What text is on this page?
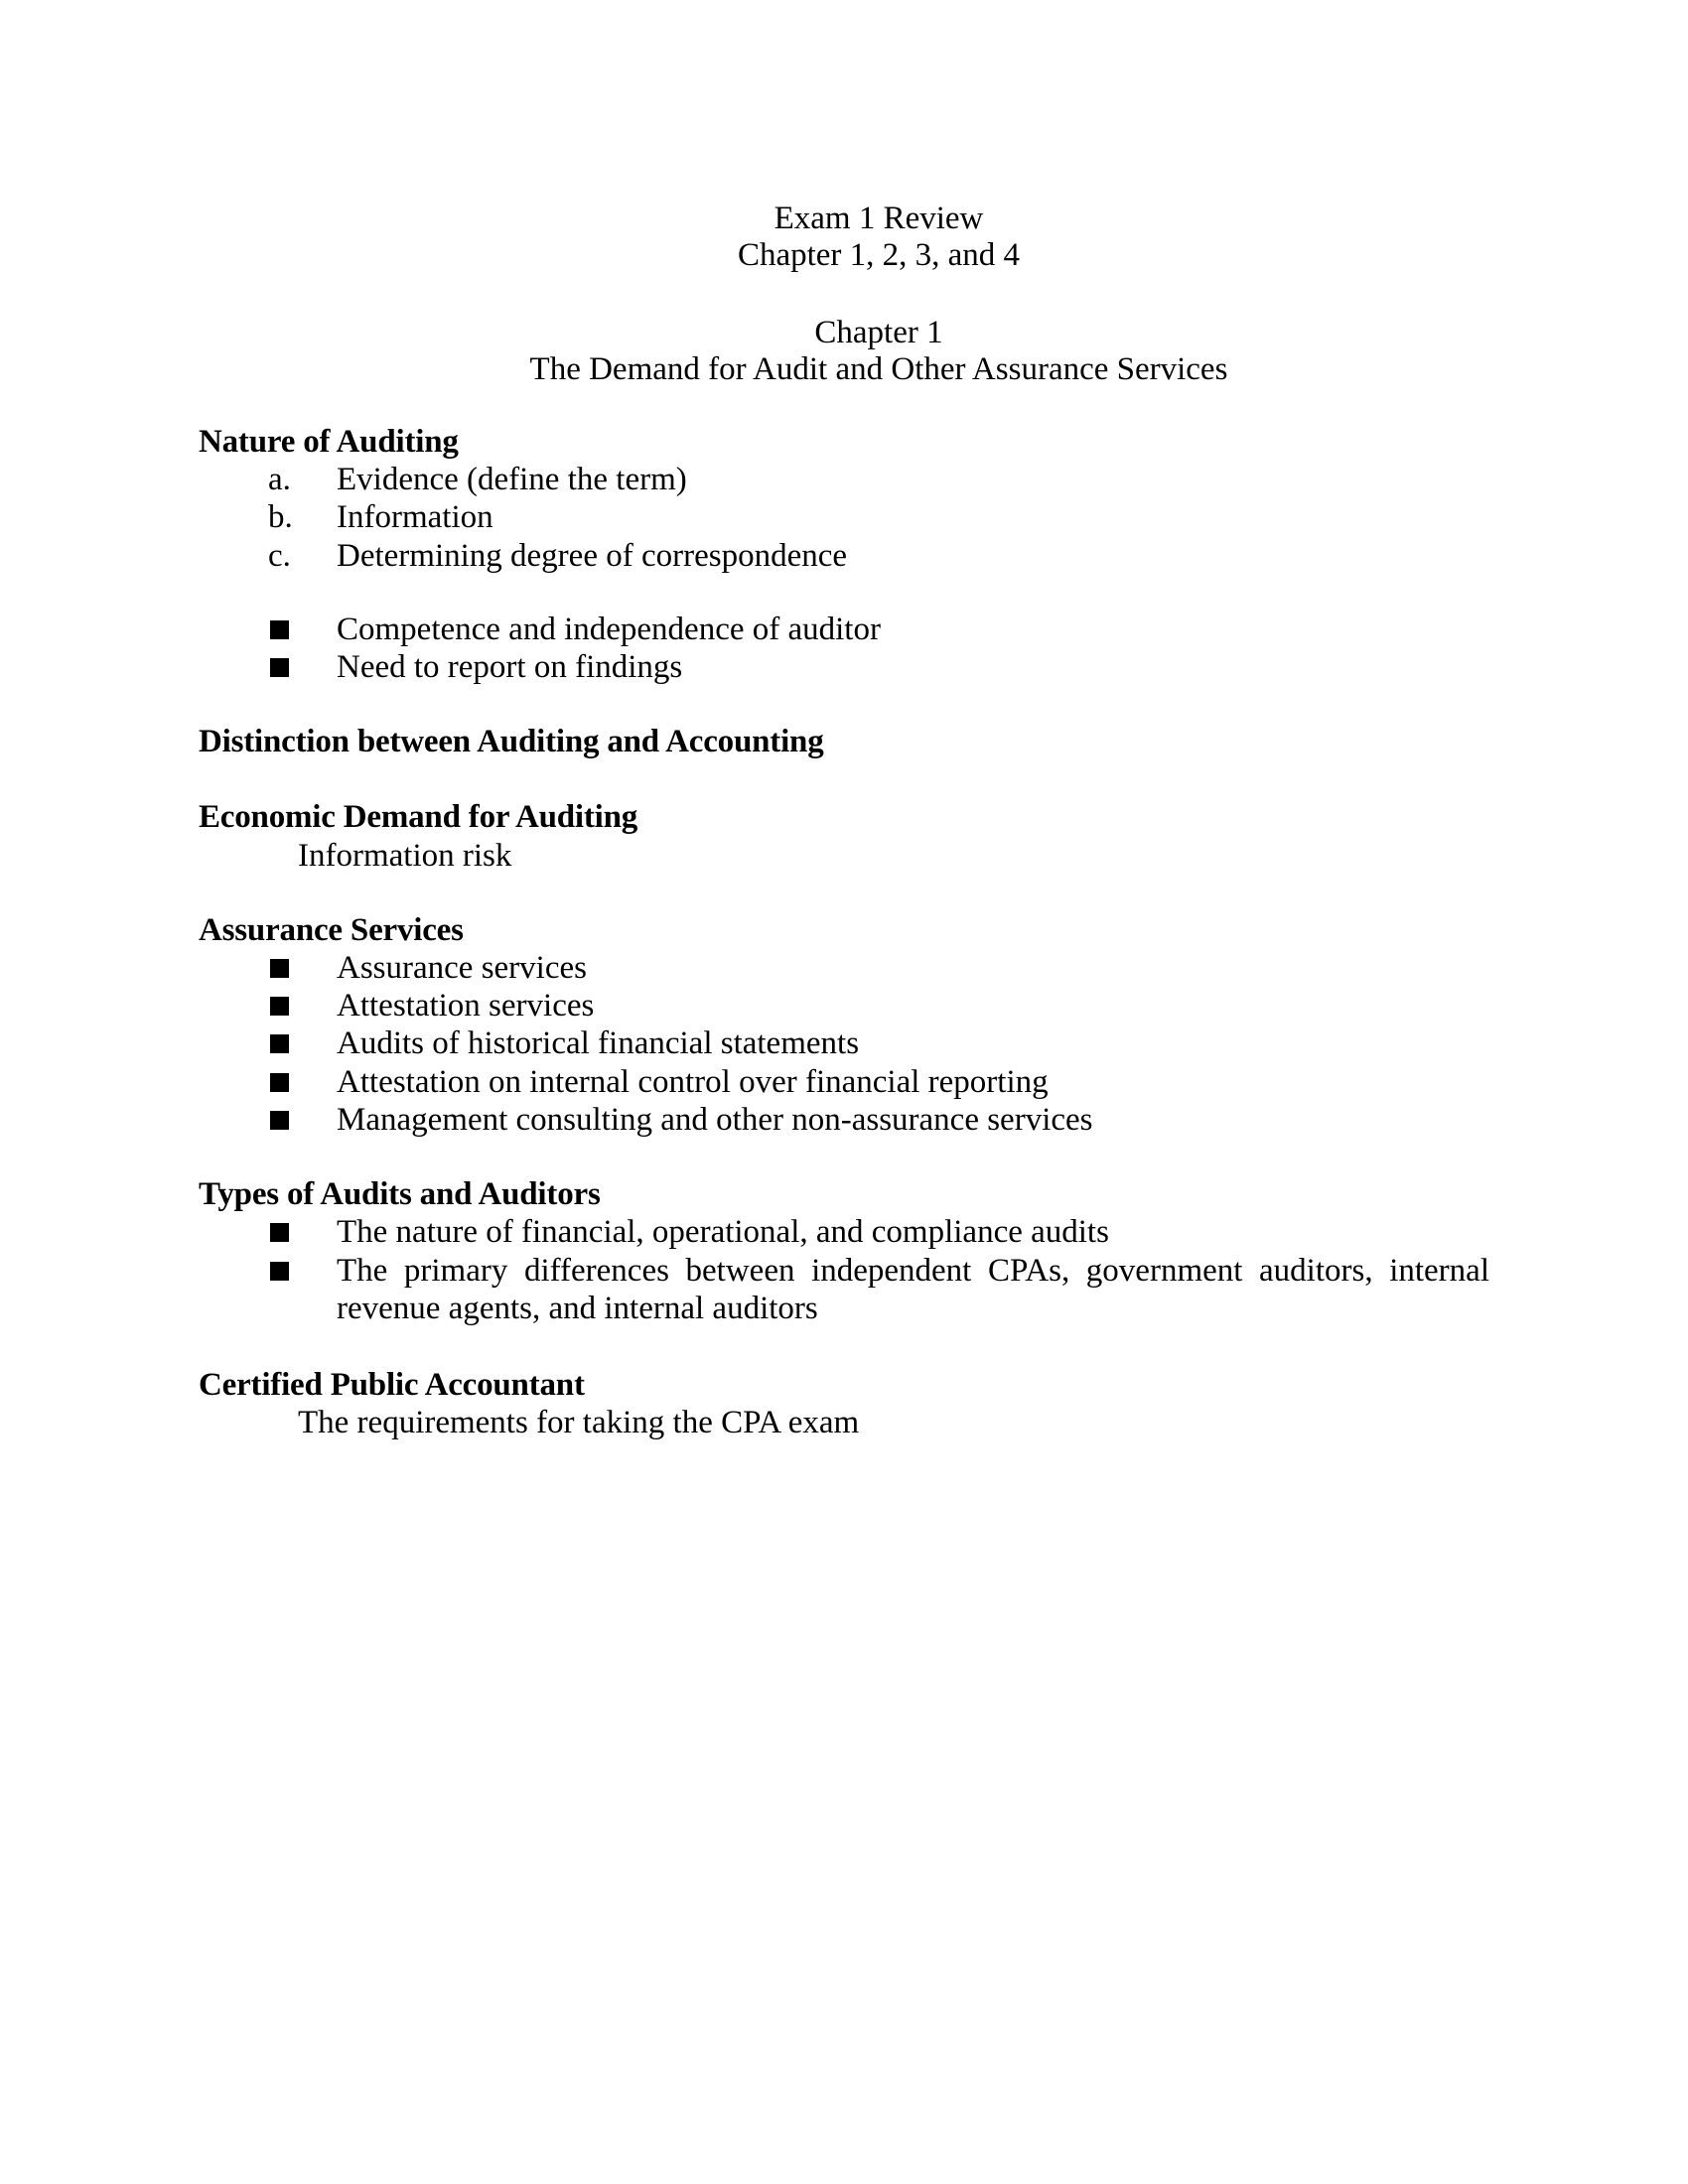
Exam 1 Review
Chapter 1, 2, 3, and 4
Chapter 1
The Demand for Audit and Other Assurance Services
Nature of Auditing
a. Evidence (define the term)
b. Information
c. Determining degree of correspondence
Competence and independence of auditor
Need to report on findings
Distinction between Auditing and Accounting
Economic Demand for Auditing
Information risk
Assurance Services
Assurance services
Attestation services
Audits of historical financial statements
Attestation on internal control over financial reporting
Management consulting and other non-assurance services
Types of Audits and Auditors
The nature of financial, operational, and compliance audits
The primary differences between independent CPAs, government auditors, internal
revenue agents, and internal auditors
Certified Public Accountant
The requirements for taking the CPA exam
